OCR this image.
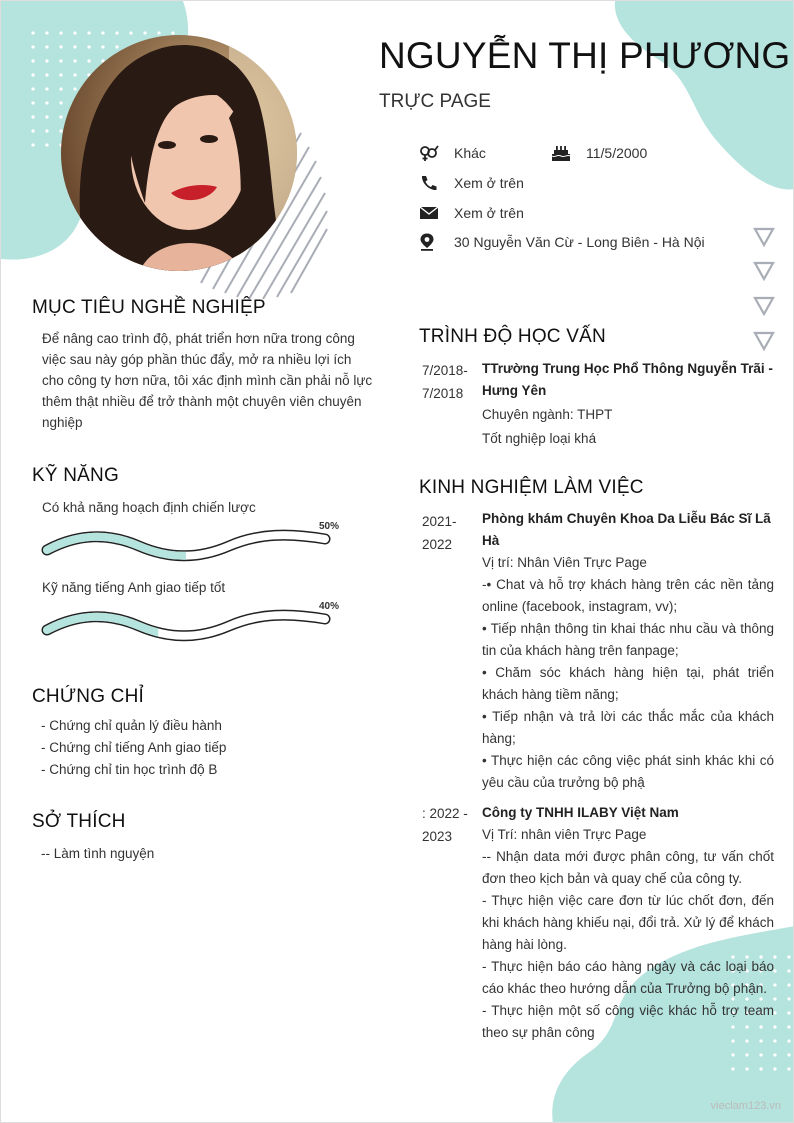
NGUYỄN THỊ PHƯƠNG
TRỰC PAGE
Khác	11/5/2000
Xem ở trên
Xem ở trên
30 Nguyễn Văn Cừ - Long Biên - Hà Nội
MỤC TIÊU NGHỀ NGHIỆP
Để nâng cao trình độ, phát triển hơn nữa trong công việc sau này góp phần thúc đẩy, mở ra nhiều lợi ích cho công ty hơn nữa, tôi xác định mình cần phải nỗ lực thêm thật nhiều để trở thành một chuyên viên chuyên nghiệp
KỸ NĂNG
Có khả năng hoạch định chiến lược
50%
Kỹ năng tiếng Anh giao tiếp tốt
40%
CHỨNG CHỈ
- Chứng chỉ quản lý điều hành
- Chứng chỉ tiếng Anh giao tiếp
- Chứng chỉ tin học trình độ B
SỞ THÍCH
-- Làm tình nguyện
TRÌNH ĐỘ HỌC VẤN
7/2018-
7/2018

TTrường Trung Học Phổ Thông Nguyễn Trãi - Hưng Yên

Chuyên ngành: THPT

Tốt nghiệp loại khá

KINH NGHIỆM LÀM VIỆC
2021-
2022

Phòng khám Chuyên Khoa Da Liễu Bác Sĩ Lã Hà

Vị trí: Nhân Viên Trực Page

-• Chat và hỗ trợ khách hàng trên các nền tảng online (facebook, instagram, vv);

• Tiếp nhận thông tin khai thác nhu cầu và thông tin của khách hàng trên fanpage;

• Chăm sóc khách hàng hiện tại, phát triển khách hàng tiềm năng;

• Tiếp nhận và trả lời các thắc mắc của khách hàng;

• Thực hiện các công việc phát sinh khác khi có yêu cầu của trưởng bộ phậ

: 2022 -
2023

Công ty TNHH ILABY Việt Nam

Vị Trí: nhân viên Trực Page

-- Nhận data mới được phân công, tư vấn chốt đơn theo kịch bản và quay chế của công ty.

- Thực hiện việc care đơn từ lúc chốt đơn, đến khi khách hàng khiếu nại, đổi trả. Xử lý để khách hàng hài lòng.

- Thực hiện báo cáo hàng ngày và các loại báo cáo khác theo hướng dẫn của Trưởng bộ phận.

- Thực hiện một số công việc khác hỗ trợ team theo sự phân công

vieclam123.vn
